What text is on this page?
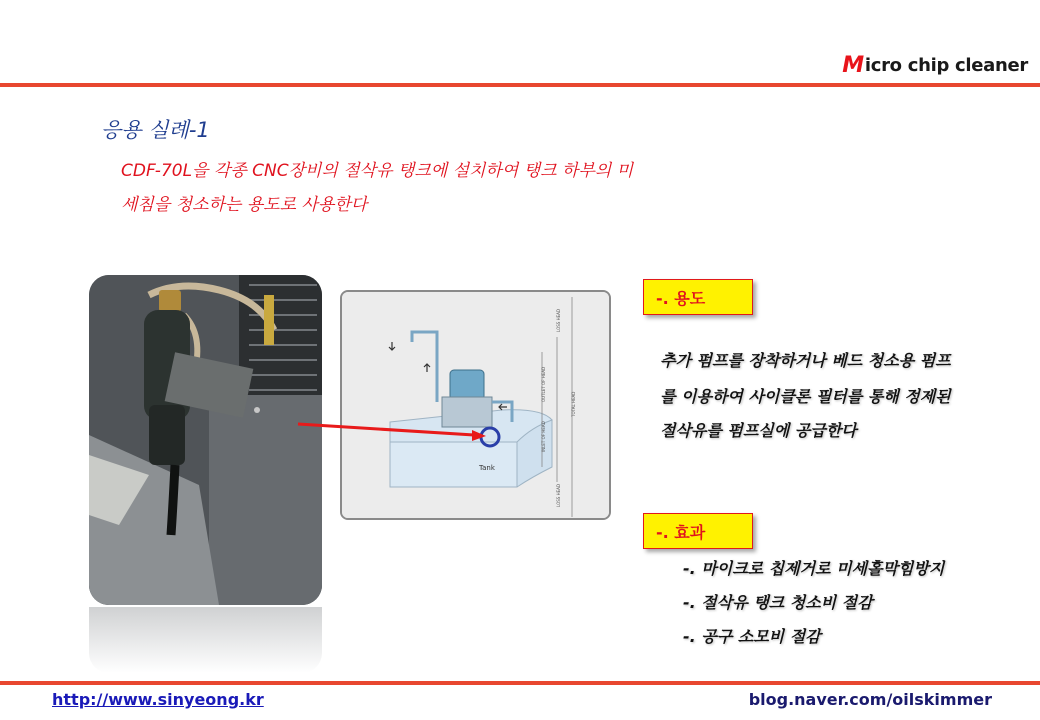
M icro chip cleaner
응용 실례-1
CDF-70L을 각종 CNC장비의 절삭유 탱크에 설치하여 탱크 하부의 미
세침을 청소하는 용도로 사용한다
Tank
LOSS HEAD
OUTLET OF HEAD
TOTAL HEAD
INLET OF HEAD
LOSS HEAD
-. 용도
추가 펌프를 장착하거나 베드 청소용 펌프
를 이용하여 사이클론 필터를 통해 정제된
절삭유를 펌프실에 공급한다
-. 효과
-. 마이크로 칩제거로 미세홀막힘방지
-. 절삭유 탱크 청소비 절감
-. 공구 소모비 절감
http://www.sinyeong.kr	blog.naver.com/oilskimmer
